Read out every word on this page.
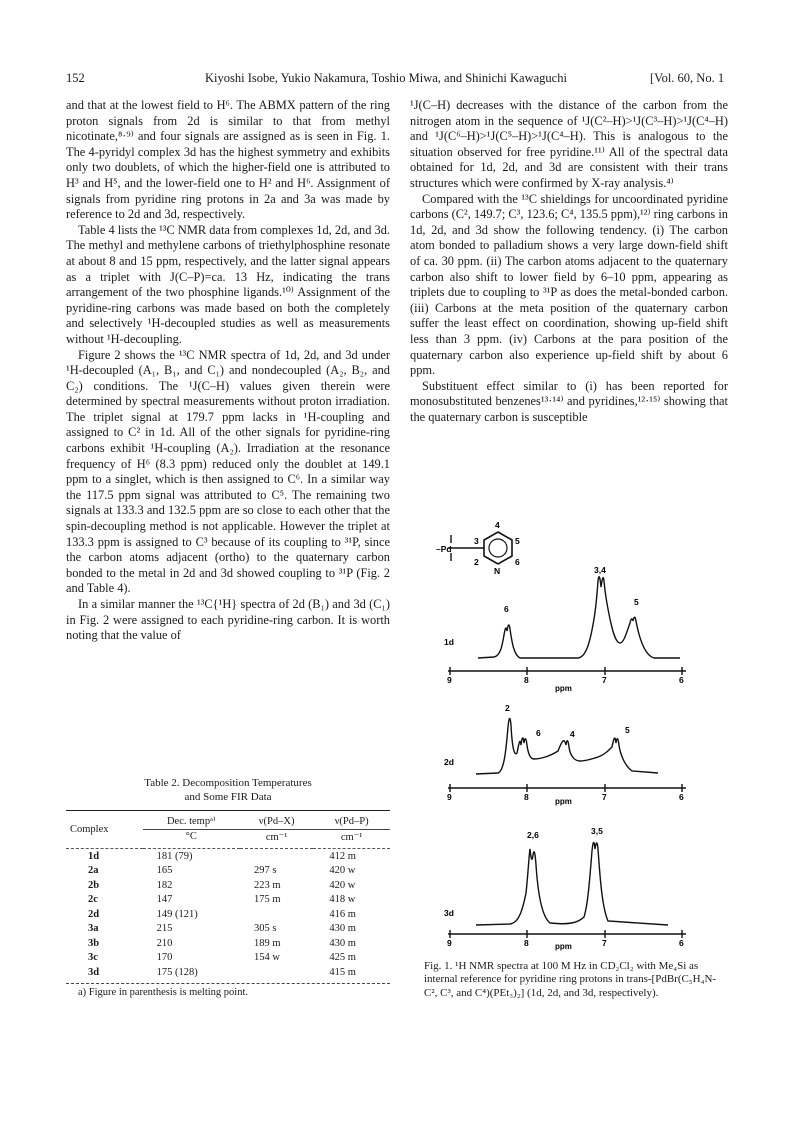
152	Kiyoshi Isobe, Yukio Nakamura, Toshio Miwa, and Shinichi Kawaguchi	[Vol. 60, No. 1

and that at the lowest field to H⁶. The ABMX pattern of the ring proton signals from 2d is similar to that from methyl nicotinate,⁸·⁹⁾ and four signals are assigned as is seen in Fig. 1. The 4-pyridyl complex 3d has the highest symmetry and exhibits only two doublets, of which the higher-field one is attributed to H³ and H⁵, and the lower-field one to H² and H⁶. Assignment of signals from pyridine ring protons in 2a and 3a was made by reference to 2d and 3d, respectively.

Table 4 lists the ¹³C NMR data from complexes 1d, 2d, and 3d. The methyl and methylene carbons of triethylphosphine resonate at about 8 and 15 ppm, respectively, and the latter signal appears as a triplet with J(C–P)=ca. 13 Hz, indicating the trans arrangement of the two phosphine ligands.¹⁰⁾ Assignment of the pyridine-ring carbons was made based on both the completely and selectively ¹H-decoupled studies as well as measurements without ¹H-decoupling.

Figure 2 shows the ¹³C NMR spectra of 1d, 2d, and 3d under ¹H-decoupled (A₁, B₁, and C₁) and nondecoupled (A₂, B₂, and C₂) conditions. The ¹J(C–H) values given therein were determined by spectral measurements without proton irradiation. The triplet signal at 179.7 ppm lacks in ¹H-coupling and assigned to C² in 1d. All of the other signals for pyridine-ring carbons exhibit ¹H-coupling (A₂). Irradiation at the resonance frequency of H⁶ (8.3 ppm) reduced only the doublet at 149.1 ppm to a singlet, which is then assigned to C⁶. In a similar way the 117.5 ppm signal was attributed to C⁵. The remaining two signals at 133.3 and 132.5 ppm are so close to each other that the spin-decoupling method is not applicable. However the triplet at 133.3 ppm is assigned to C³ because of its coupling to ³¹P, since the carbon atoms adjacent (ortho) to the quaternary carbon bonded to the metal in 2d and 3d showed coupling to ³¹P (Fig. 2 and Table 4).

In a similar manner the ¹³C{¹H} spectra of 2d (B₁) and 3d (C₁) in Fig. 2 were assigned to each pyridine-ring carbon. It is worth noting that the value of

¹J(C–H) decreases with the distance of the carbon from the nitrogen atom in the sequence of ¹J(C²–H)>¹J(C³–H)>¹J(C⁴–H) and ¹J(C⁶–H)>¹J(C⁵–H)>¹J(C⁴–H). This is analogous to the situation observed for free pyridine.¹¹⁾ All of the spectral data obtained for 1d, 2d, and 3d are consistent with their trans structures which were confirmed by X-ray analysis.⁴⁾

Compared with the ¹³C shieldings for uncoordinated pyridine carbons (C², 149.7; C³, 123.6; C⁴, 135.5 ppm),¹²⁾ ring carbons in 1d, 2d, and 3d show the following tendency. (i) The carbon atom bonded to palladium shows a very large down-field shift of ca. 30 ppm. (ii) The carbon atoms adjacent to the quaternary carbon also shift to lower field by 6–10 ppm, appearing as triplets due to coupling to ³¹P as does the metal-bonded carbon. (iii) Carbons at the meta position of the quaternary carbon suffer the least effect on coordination, showing up-field shift less than 3 ppm. (iv) Carbons at the para position of the quaternary carbon also experience up-field shift by about 6 ppm.

Substituent effect similar to (i) has been reported for monosubstituted benzenes¹³·¹⁴⁾ and pyridines,¹²·¹⁵⁾ showing that the quaternary carbon is susceptible

Table 2. Decomposition Temperatures
and Some FIR Data
Complex	Dec. tempᵃ⁾	ν(Pd–X)	ν(Pd–P)
	°C	cm⁻¹	cm⁻¹

1d	181 (79)		412 m
2a	165	297 s	420 w
2b	182	223 m	420 w
2c	147	175 m	418 w
2d	149 (121)		416 m
3a	215	305 s	430 m
3b	210	189 m	430 m
3c	170	154 w	425 m
3d	175 (128)		415 m
a) Figure in parenthesis is melting point.
4
5
6
3
2
N
–Pd
1d
6
3,4
5
9	8	7	6
ppm
2d
2
6	4	5
9	8	7	6
ppm
3d
2,6	3,5
9	8	7	6
ppm
Fig. 1. ¹H NMR spectra at 100 M Hz in CD₂Cl₂ with Me₄Si as internal reference for pyridine ring protons in trans-[PdBr(C₅H₄N-C², C³, and C⁴)(PEt₃)₂] (1d, 2d, and 3d, respectively).
